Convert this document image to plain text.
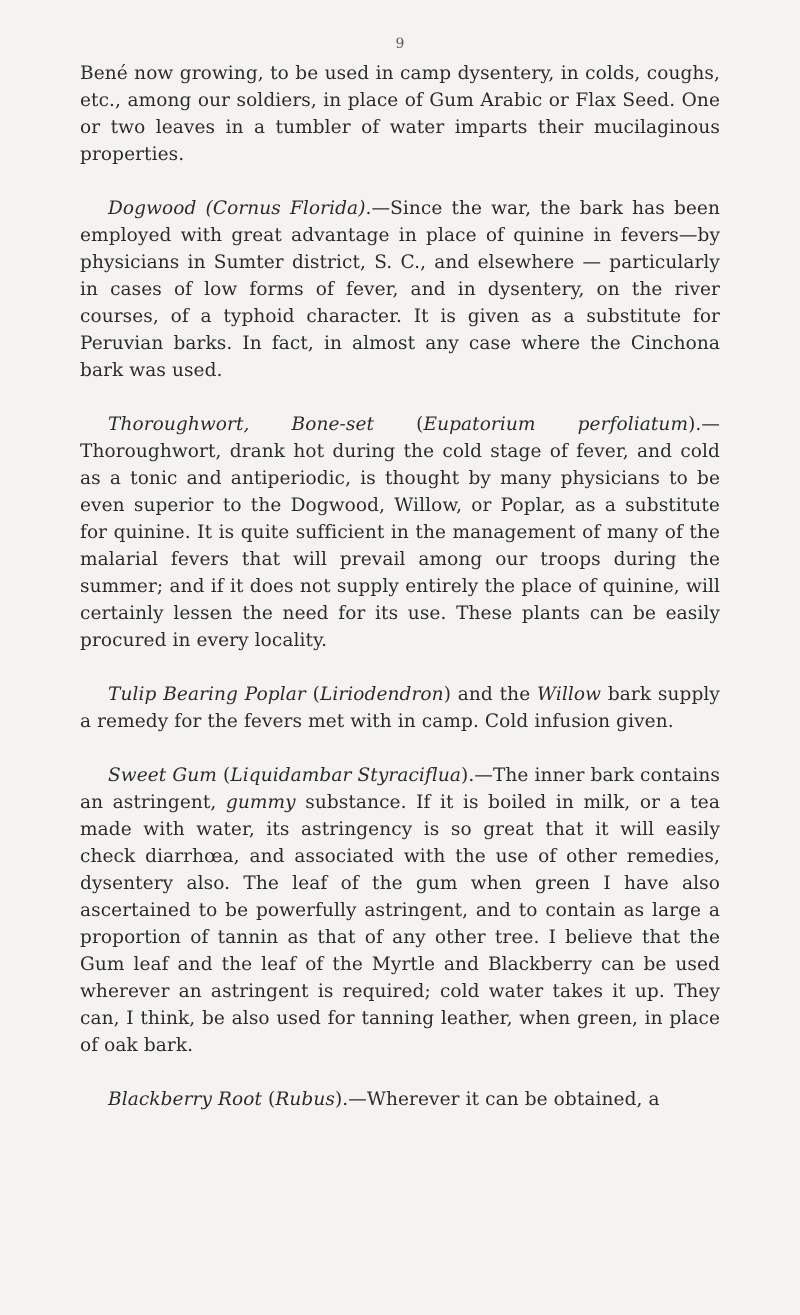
9

Bené now growing, to be used in camp dysentery, in colds, coughs, etc., among our soldiers, in place of Gum Arabic or Flax Seed. One or two leaves in a tumbler of water imparts their mucilaginous properties.

Dogwood (Cornus Florida).—Since the war, the bark has been employed with great advantage in place of quinine in fevers—by physicians in Sumter district, S. C., and elsewhere — particularly in cases of low forms of fever, and in dysentery, on the river courses, of a typhoid character. It is given as a substitute for Peruvian barks. In fact, in almost any case where the Cinchona bark was used.

Thoroughwort, Bone-set (Eupatorium perfoliatum).—Thoroughwort, drank hot during the cold stage of fever, and cold as a tonic and antiperiodic, is thought by many physicians to be even superior to the Dogwood, Willow, or Poplar, as a substitute for quinine. It is quite sufficient in the management of many of the malarial fevers that will prevail among our troops during the summer; and if it does not supply entirely the place of quinine, will certainly lessen the need for its use. These plants can be easily procured in every locality.

Tulip Bearing Poplar (Liriodendron) and the Willow bark supply a remedy for the fevers met with in camp. Cold infusion given.

Sweet Gum (Liquidambar Styraciflua).—The inner bark contains an astringent, gummy substance. If it is boiled in milk, or a tea made with water, its astringency is so great that it will easily check diarrhœa, and associated with the use of other remedies, dysentery also. The leaf of the gum when green I have also ascertained to be powerfully astringent, and to contain as large a proportion of tannin as that of any other tree. I believe that the Gum leaf and the leaf of the Myrtle and Blackberry can be used wherever an astringent is required; cold water takes it up. They can, I think, be also used for tanning leather, when green, in place of oak bark.

Blackberry Root (Rubus).—Wherever it can be obtained, a
